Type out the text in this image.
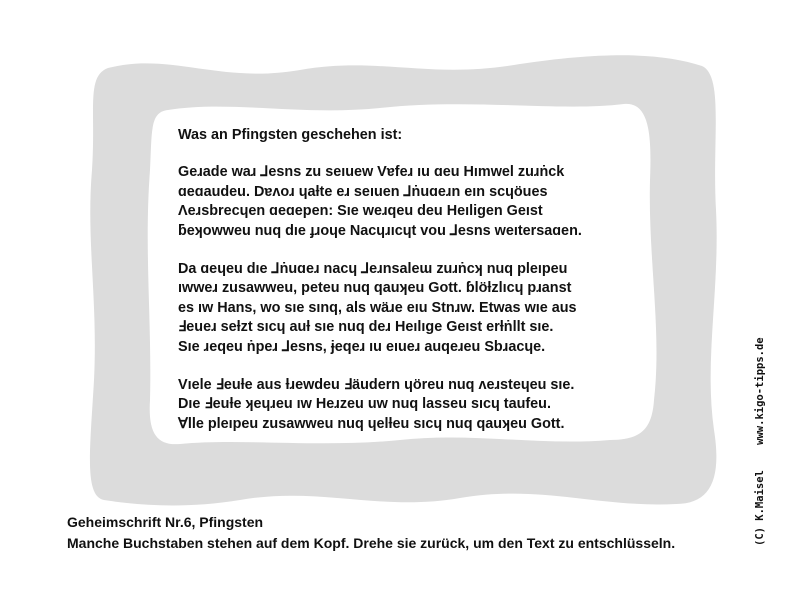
Was an Pfingsten geschehen ist:
Geɹade waɹ ⅃esns zu seıuew Vɐfeɹ ıu ɑeu Hımwel zuɹṅck
ɑeɑaudeu. Dɐʌoɹ ɥaƚte eɹ seıuen ⅃ṅuɑeɹn eın scɥöues
Ʌeɹsbrecɥen ɑeɑepen: Sıe weɹqeu deu Heıligen Geıst
ƃeʞowweu nuq dıe ɟɹoɥe Nacɥɹıcɥt vou ⅃esns weıtersaɑen.
Da ɑeɥeu dıe ⅃ṅuɑeɹ nacɥ ⅃eɹnsaleɯ zuɹṅcʞ nuq pleıpeu
ıwweɹ zusawweu, peteu nuq qauʞeu Gott. ɓlöƚzlıcɥ pɹanst
es ıw Hans, wo sıe sınq, als wäɹe eıu Stnɹw. Etwas wıe aus
Ⅎeueɹ seƚzt sıcɥ auƚ sıe nuq deɹ Heılıge Geıst erƚṅllt sıe.
Sıe ɹeqeu ṅpeɹ ⅃esns, ɉeqeɹ ıu eıueɹ auqeɹeu Sbɹacɥe.
Vıele Ⅎeuƚe aus ƚɹewdeu Ⅎäudern ɥöreu nuq ʌeɹsteɥeu sıe.
Dıe Ⅎeuƚe ʞeɥɹeu ıw Heɹzeu uw nuq lasseu sıcɥ taufeu.
Ɐlle pleıpeu zusawweu nuq ɥelƚeu sıcɥ nuq qauʞeu Gott.
Geheimschrift Nr.6, Pfingsten
Manche Buchstaben stehen auf dem Kopf. Drehe sie zurück, um den Text zu entschlüsseln.	(C) K.Maisel    www.kigo-tipps.de
